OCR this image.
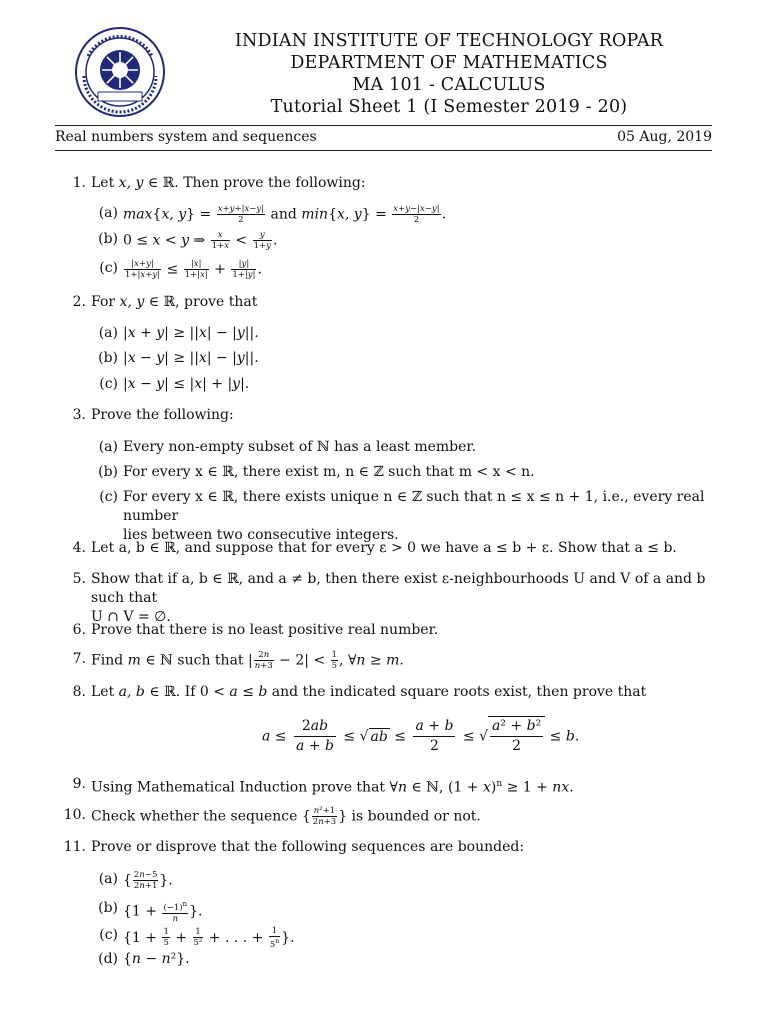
INDIAN INSTITUTE OF TECHNOLOGY ROPAR
DEPARTMENT OF MATHEMATICS
MA 101 - CALCULUS
Tutorial Sheet 1 (I Semester 2019 - 20)
Real numbers system and sequences	05 Aug, 2019
1. Let x, y ∈ ℝ. Then prove the following:
(a) max{x, $y\} = \frac{x+y+|x-y|}{2}$ and min{x, $y\} = \frac{x+y-|x-y|}{2}$ .
(b) 0 ≤ x < y ⇒ $\frac{x}{1+x} < \frac{y}{1+y}$ .
$(c) \frac{|x+y|}{1+|x+y|} \le \frac{|x|}{1+|x|} + \frac{|y|}{1+|y|}$ .
2. For x, y ∈ ℝ, prove that
(a) |x + y| ≥ ||x| − |y||.
(b) |x − y| ≥ ||x| − |y||.
(c) |x − y| ≤ |x| + |y|.
3. Prove the following:
(a) Every non-empty subset of ℕ has a least member.
(b) For every x ∈ ℝ, there exist m, n ∈ ℤ such that m < x < n.
(c) For every x ∈ ℝ, there exists unique n ∈ ℤ such that n ≤ x ≤ n + 1, i.e., every real number
lies between two consecutive integers.
4. Let a, b ∈ ℝ, and suppose that for every ε > 0 we have a ≤ b + ε. Show that a ≤ b.
5. Show that if a, b ∈ ℝ, and a ≠ b, then there exist ε-neighbourhoods U and V of a and b such that
U ∩ V = ∅.
6. Prove that there is no least positive real number.
7. Find m ∈ ℕ such that | $\frac{2n}{n+3} - 2| < \frac{1}{5}$ , ∀n ≥ m.
8. Let a, b ∈ ℝ. If 0 < a ≤ b and the indicated square roots exist, then prove that
$a \le \frac{2ab}{a + b}$ ≤ √ ab ≤ $\frac{a + b}{2}$ ≤ √ $\frac{\text{a² + b²}}{2} \le b$.
9. Using Mathematical Induction prove that ∀n ∈ ℕ, $(1 + x)^n \ge 1$ + nx.
10. Check whether the sequence { $\frac{\text{n²+1}}{2n+3}$ } is bounded or not.
11. Prove or disprove that the following sequences are bounded:
(a) { $\frac{2n-5}{2n+1}$ }.
(b) {$1 + \frac{(-1)^n}{n}$ }.
(c) {$1 + \frac{1}{5} + \frac{1}{\text{5²}}$ + . . . + $\frac{1}{5^n}$ }.
(d) {n − n²}.
